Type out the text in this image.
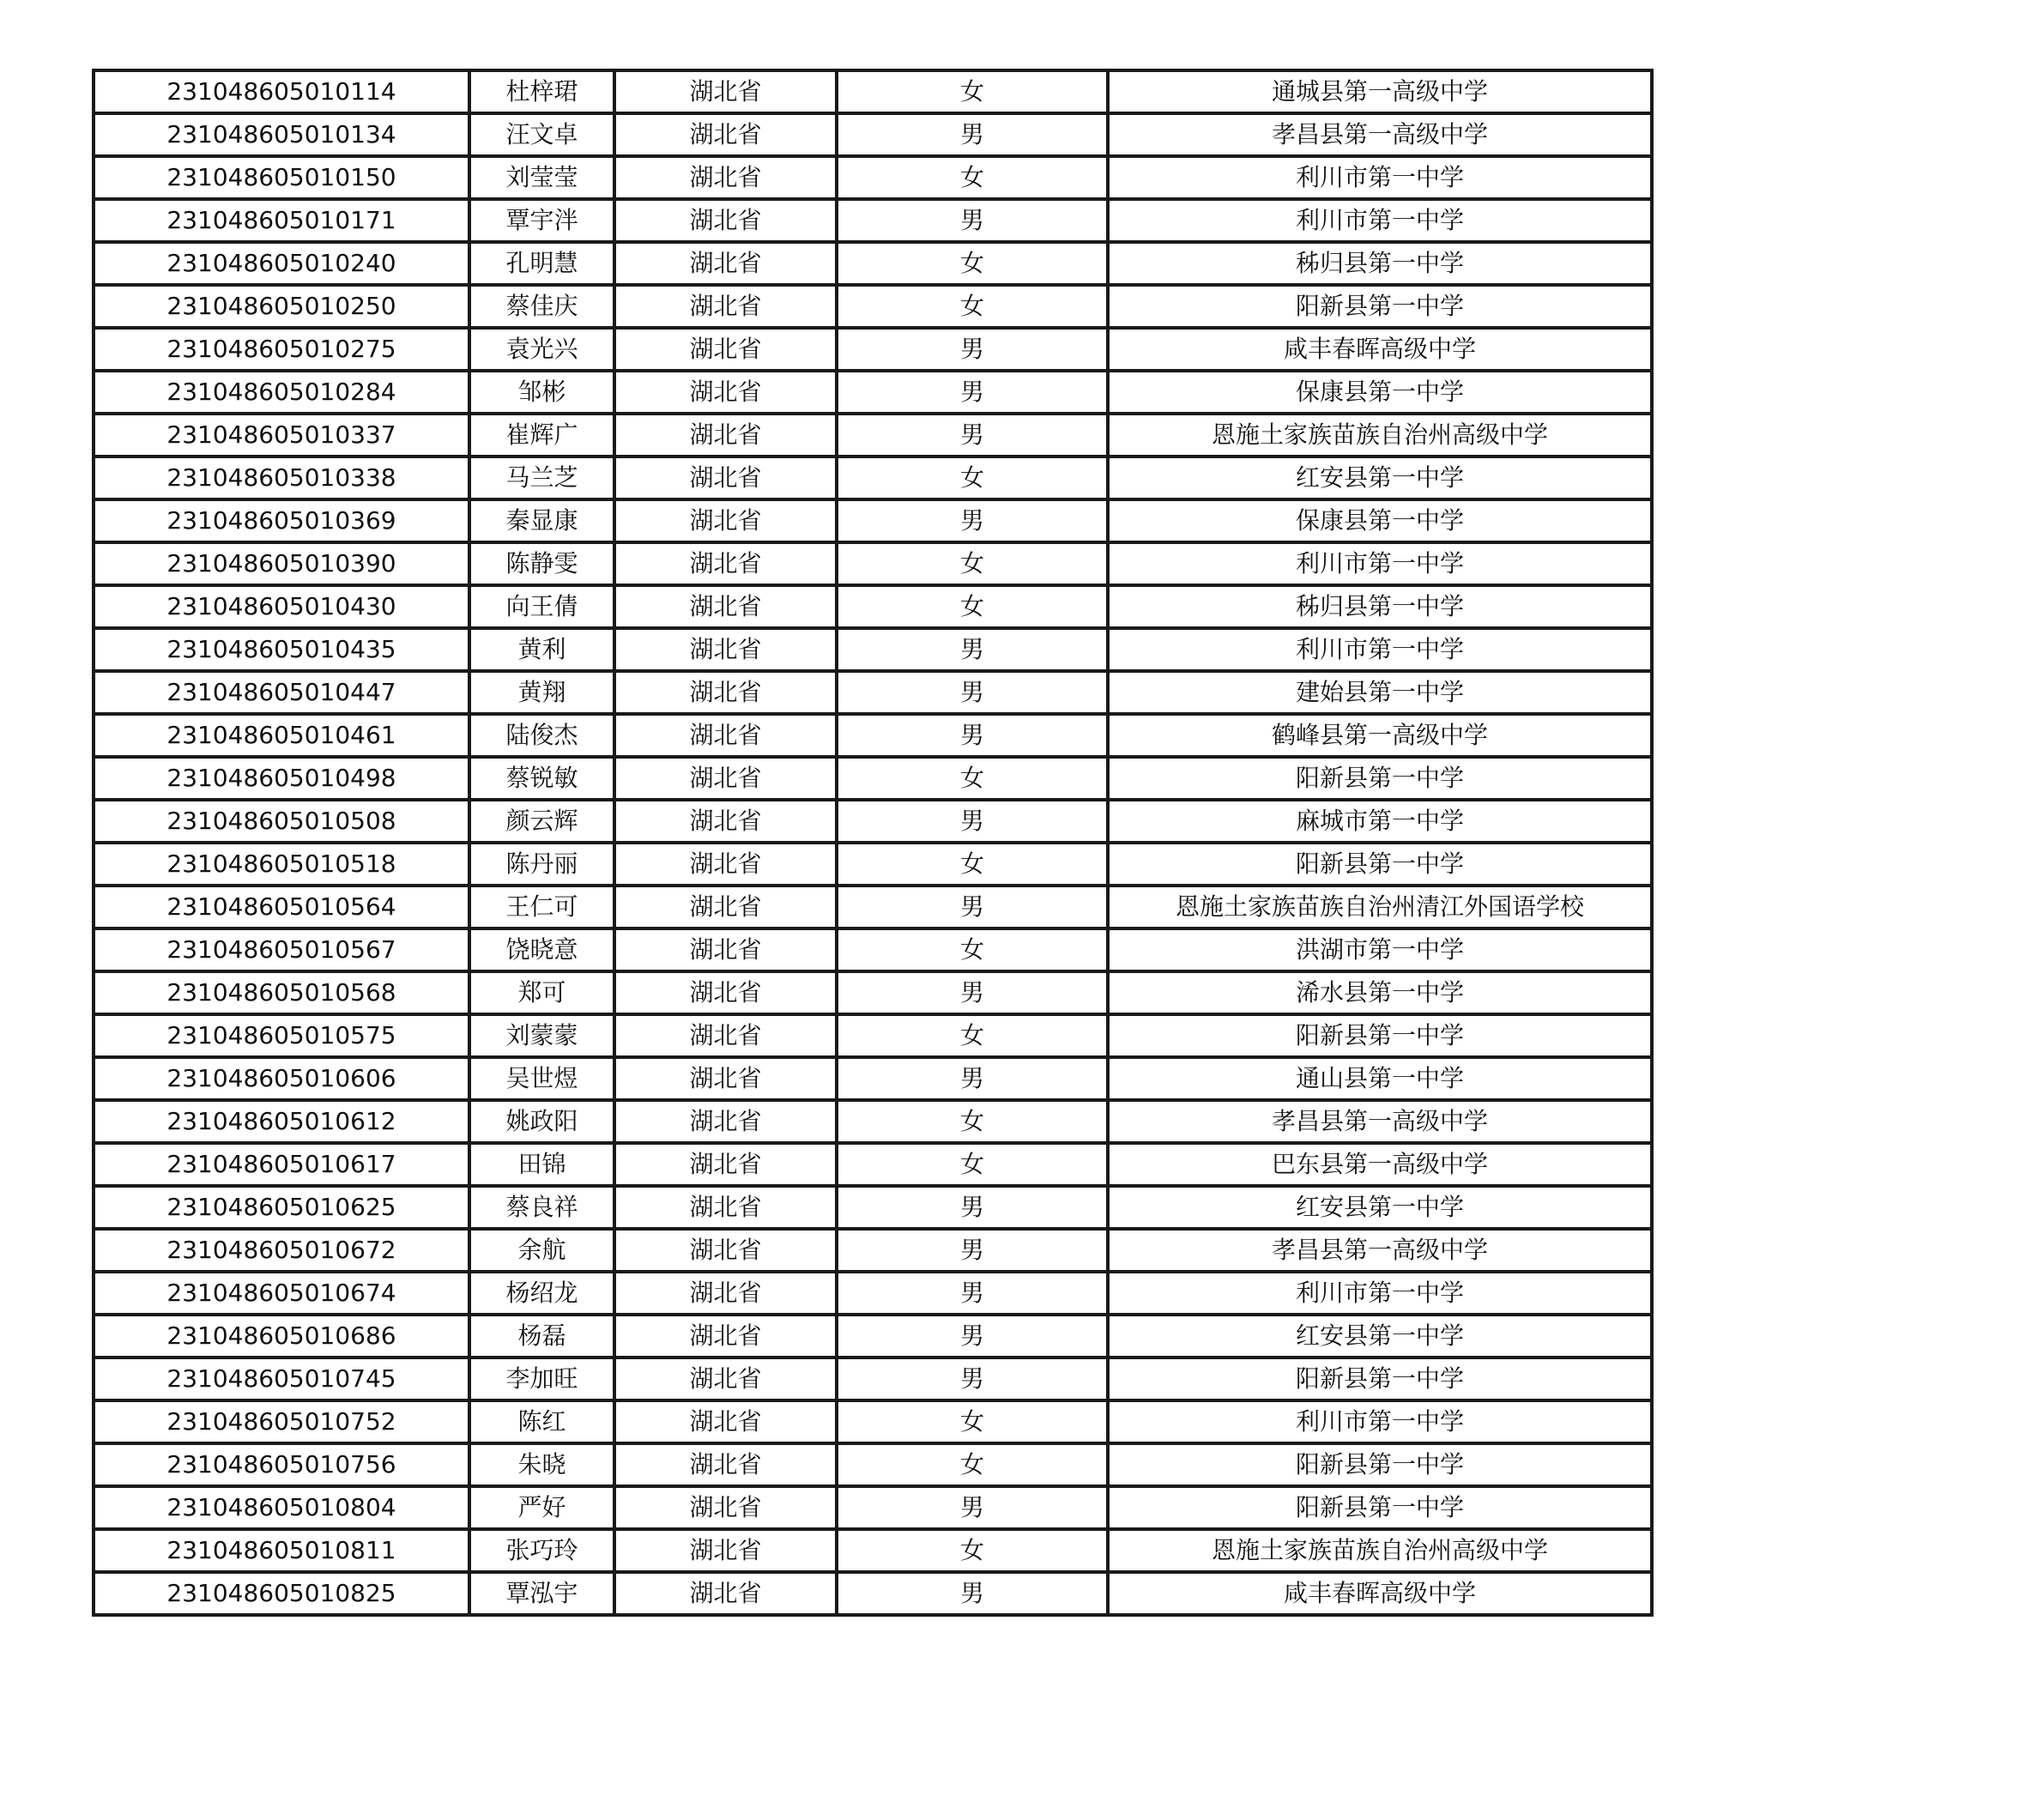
231048605010114	杜梓珺	湖北省	女	通城县第一高级中学
231048605010134	汪文卓	湖北省	男	孝昌县第一高级中学
231048605010150	刘莹莹	湖北省	女	利川市第一中学
231048605010171	覃宇泮	湖北省	男	利川市第一中学
231048605010240	孔明慧	湖北省	女	秭归县第一中学
231048605010250	蔡佳庆	湖北省	女	阳新县第一中学
231048605010275	袁光兴	湖北省	男	咸丰春晖高级中学
231048605010284	邹彬	湖北省	男	保康县第一中学
231048605010337	崔辉广	湖北省	男	恩施土家族苗族自治州高级中学
231048605010338	马兰芝	湖北省	女	红安县第一中学
231048605010369	秦显康	湖北省	男	保康县第一中学
231048605010390	陈静雯	湖北省	女	利川市第一中学
231048605010430	向王倩	湖北省	女	秭归县第一中学
231048605010435	黄利	湖北省	男	利川市第一中学
231048605010447	黄翔	湖北省	男	建始县第一中学
231048605010461	陆俊杰	湖北省	男	鹤峰县第一高级中学
231048605010498	蔡锐敏	湖北省	女	阳新县第一中学
231048605010508	颜云辉	湖北省	男	麻城市第一中学
231048605010518	陈丹丽	湖北省	女	阳新县第一中学
231048605010564	王仁可	湖北省	男	恩施土家族苗族自治州清江外国语学校
231048605010567	饶晓意	湖北省	女	洪湖市第一中学
231048605010568	郑可	湖北省	男	浠水县第一中学
231048605010575	刘蒙蒙	湖北省	女	阳新县第一中学
231048605010606	吴世煜	湖北省	男	通山县第一中学
231048605010612	姚政阳	湖北省	女	孝昌县第一高级中学
231048605010617	田锦	湖北省	女	巴东县第一高级中学
231048605010625	蔡良祥	湖北省	男	红安县第一中学
231048605010672	余航	湖北省	男	孝昌县第一高级中学
231048605010674	杨绍龙	湖北省	男	利川市第一中学
231048605010686	杨磊	湖北省	男	红安县第一中学
231048605010745	李加旺	湖北省	男	阳新县第一中学
231048605010752	陈红	湖北省	女	利川市第一中学
231048605010756	朱晓	湖北省	女	阳新县第一中学
231048605010804	严好	湖北省	男	阳新县第一中学
231048605010811	张巧玲	湖北省	女	恩施土家族苗族自治州高级中学
231048605010825	覃泓宇	湖北省	男	咸丰春晖高级中学
